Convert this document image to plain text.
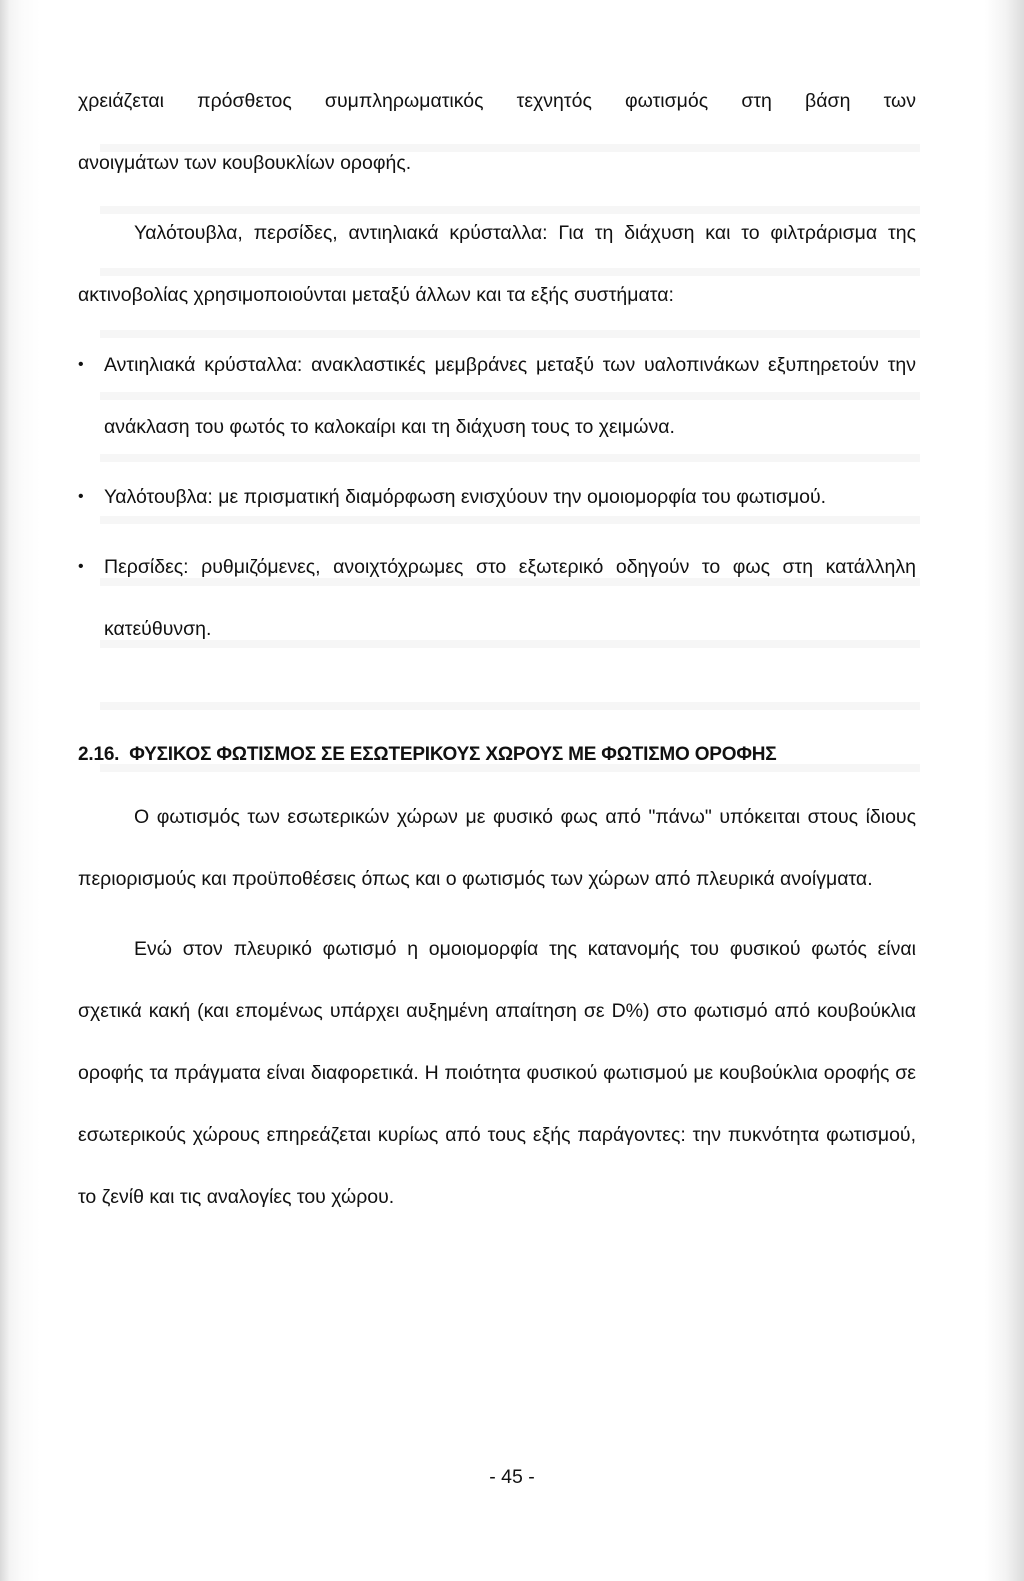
χρειάζεται πρόσθετος συμπληρωματικός τεχνητός φωτισμός στη βάση των

ανοιγμάτων των κουβουκλίων οροφής.

Υαλότουβλα, περσίδες, αντιηλιακά κρύσταλλα: Για τη διάχυση και το φιλτράρισμα της ακτινοβολίας χρησιμοποιούνται μεταξύ άλλων και τα εξής συστήματα:

•	Αντιηλιακά κρύσταλλα: ανακλαστικές μεμβράνες μεταξύ των υαλοπινάκων εξυπηρετούν την ανάκλαση του φωτός το καλοκαίρι και τη διάχυση τους το χειμώνα.
•	Υαλότουβλα: με πρισματική διαμόρφωση ενισχύουν την ομοιομορφία του φωτισμού.
•	Περσίδες: ρυθμιζόμενες, ανοιχτόχρωμες στο εξωτερικό οδηγούν το φως στη κατάλληλη κατεύθυνση.

2.16. ΦΥΣΙΚΟΣ ΦΩΤΙΣΜΟΣ ΣΕ ΕΣΩΤΕΡΙΚΟΥΣ ΧΩΡΟΥΣ ΜΕ ΦΩΤΙΣΜΟ ΟΡΟΦΗΣ

Ο φωτισμός των εσωτερικών χώρων με φυσικό φως από "πάνω" υπόκειται στους ίδιους περιορισμούς και προϋποθέσεις όπως και ο φωτισμός των χώρων από πλευρικά ανοίγματα.

Ενώ στον πλευρικό φωτισμό η ομοιομορφία της κατανομής του φυσικού φωτός είναι σχετικά κακή (και επομένως υπάρχει αυξημένη απαίτηση σε D%) στο φωτισμό από κουβούκλια οροφής τα πράγματα είναι διαφορετικά. Η ποιότητα φυσικού φωτισμού με κουβούκλια οροφής σε εσωτερικούς χώρους επηρεάζεται κυρίως από τους εξής παράγοντες: την πυκνότητα φωτισμού, το ζενίθ και τις αναλογίες του χώρου.

- 45 -
